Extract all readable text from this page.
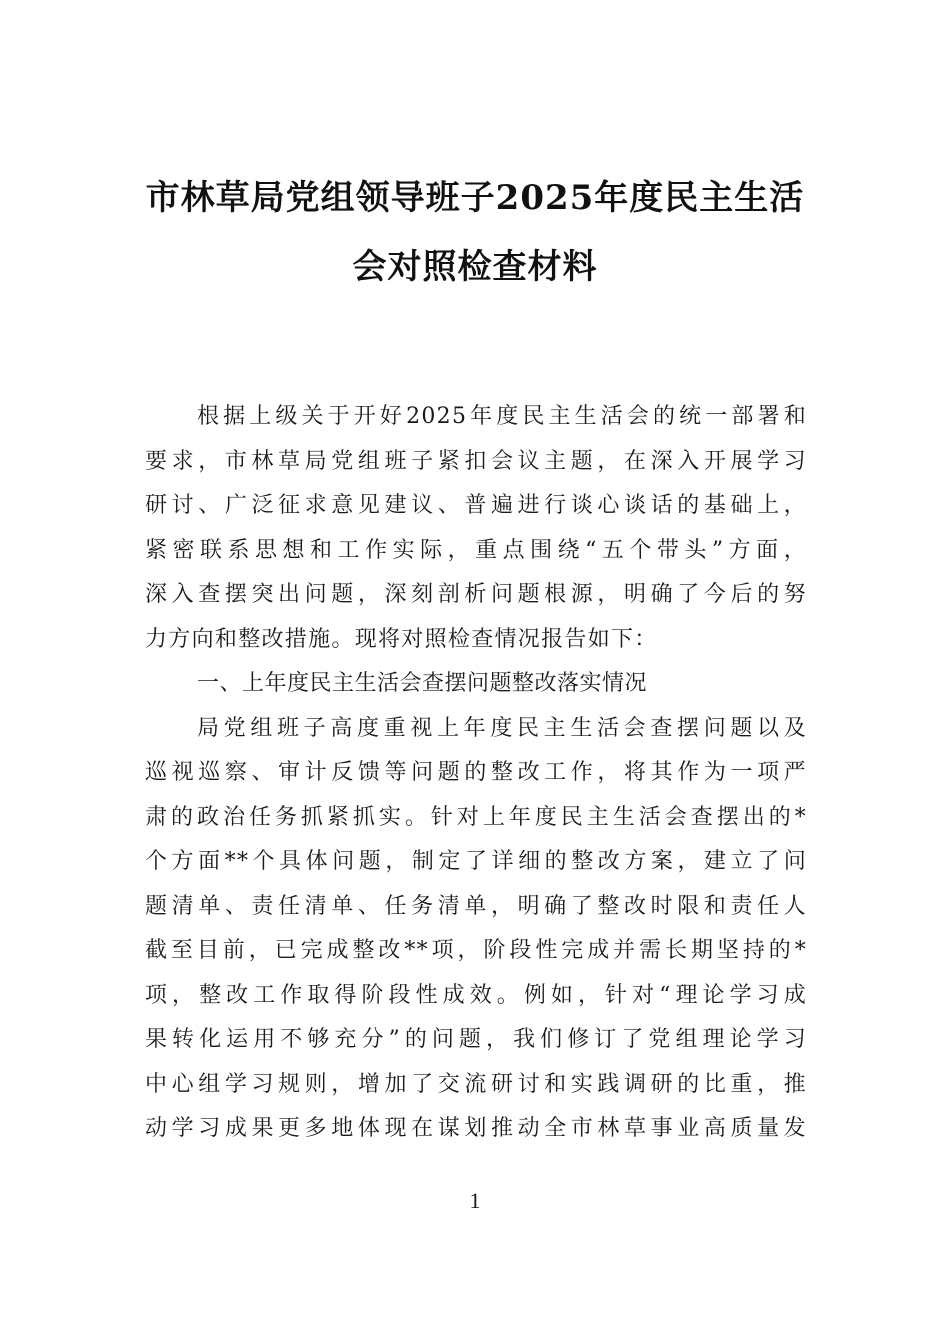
市林草局党组领导班子2025年度民主生活
会对照检查材料
根据上级关于开好2025年度民主生活会的统一部署和
要求，市林草局党组班子紧扣会议主题，在深入开展学习
研讨、广泛征求意见建议、普遍进行谈心谈话的基础上，
紧密联系思想和工作实际，重点围绕“五个带头”方面，
深入查摆突出问题，深刻剖析问题根源，明确了今后的努
力方向和整改措施。现将对照检查情况报告如下：
一、上年度民主生活会查摆问题整改落实情况
局党组班子高度重视上年度民主生活会查摆问题以及
巡视巡察、审计反馈等问题的整改工作，将其作为一项严
肃的政治任务抓紧抓实。针对上年度民主生活会查摆出的*
个方面**个具体问题，制定了详细的整改方案，建立了问
题清单、责任清单、任务清单，明确了整改时限和责任人
截至目前，已完成整改**项，阶段性完成并需长期坚持的*
项，整改工作取得阶段性成效。例如，针对“理论学习成
果转化运用不够充分”的问题，我们修订了党组理论学习
中心组学习规则，增加了交流研讨和实践调研的比重，推
动学习成果更多地体现在谋划推动全市林草事业高质量发
1
